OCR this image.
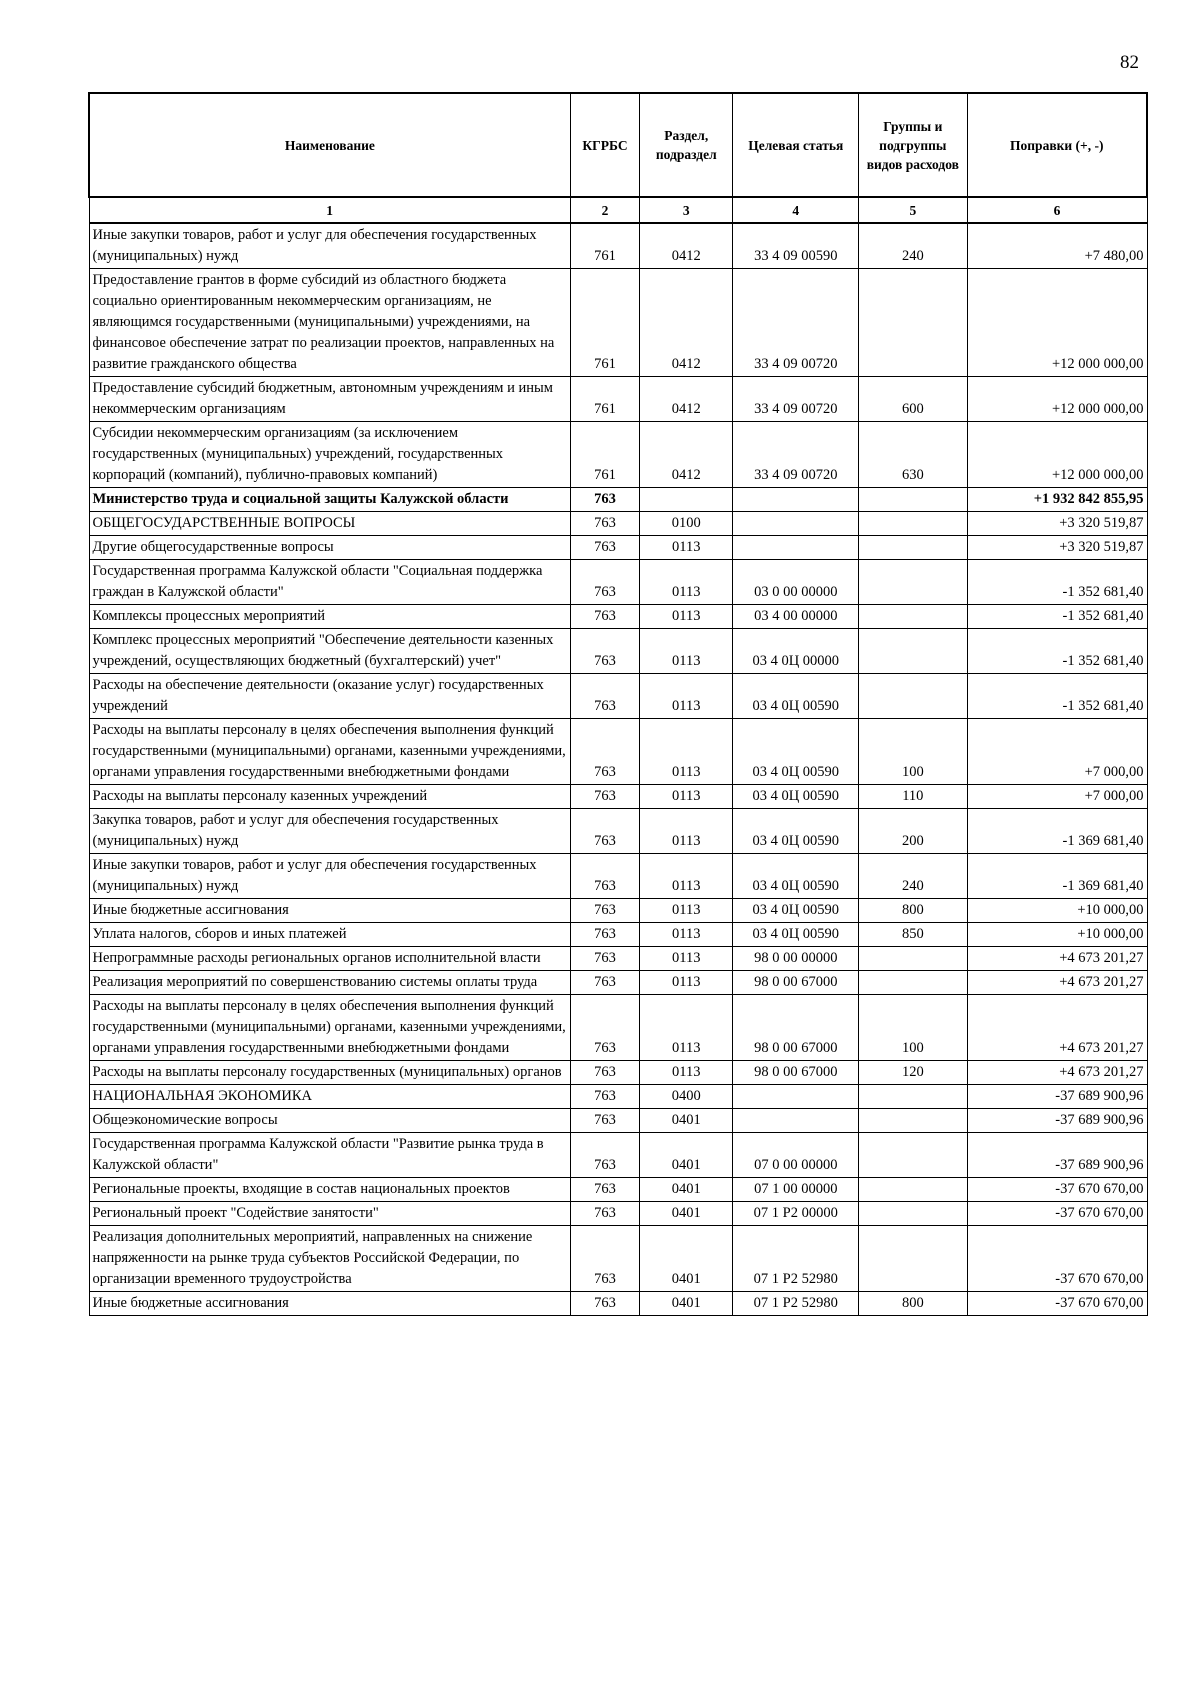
82
Наименование	КГРБС	Раздел, подраздел	Целевая статья	Группы и подгруппы видов расходов	Поправки (+, -)
1	2	3	4	5	6
Иные закупки товаров, работ и услуг для обеспечения государственных (муниципальных) нужд	761	0412	33 4 09 00590	240	+7 480,00
Предоставление грантов в форме субсидий из областного бюджета социально ориентированным некоммерческим организациям, не являющимся государственными (муниципальными) учреждениями, на финансовое обеспечение затрат по реализации проектов, направленных на развитие гражданского общества	761	0412	33 4 09 00720		+12 000 000,00
Предоставление субсидий бюджетным, автономным учреждениям и иным некоммерческим организациям	761	0412	33 4 09 00720	600	+12 000 000,00
Субсидии некоммерческим организациям (за исключением государственных (муниципальных) учреждений, государственных корпораций (компаний), публично-правовых компаний)	761	0412	33 4 09 00720	630	+12 000 000,00
Министерство труда и социальной защиты Калужской области	763				+1 932 842 855,95
ОБЩЕГОСУДАРСТВЕННЫЕ ВОПРОСЫ	763	0100			+3 320 519,87
Другие общегосударственные вопросы	763	0113			+3 320 519,87
Государственная программа Калужской области "Социальная поддержка граждан в Калужской области"	763	0113	03 0 00 00000		-1 352 681,40
Комплексы процессных мероприятий	763	0113	03 4 00 00000		-1 352 681,40
Комплекс процессных мероприятий "Обеспечение деятельности казенных учреждений, осуществляющих бюджетный (бухгалтерский) учет"	763	0113	03 4 0Ц 00000		-1 352 681,40
Расходы на обеспечение деятельности (оказание услуг) государственных учреждений	763	0113	03 4 0Ц 00590		-1 352 681,40
Расходы на выплаты персоналу в целях обеспечения выполнения функций государственными (муниципальными) органами, казенными учреждениями, органами управления государственными внебюджетными фондами	763	0113	03 4 0Ц 00590	100	+7 000,00
Расходы на выплаты персоналу казенных учреждений	763	0113	03 4 0Ц 00590	110	+7 000,00
Закупка товаров, работ и услуг для обеспечения государственных (муниципальных) нужд	763	0113	03 4 0Ц 00590	200	-1 369 681,40
Иные закупки товаров, работ и услуг для обеспечения государственных (муниципальных) нужд	763	0113	03 4 0Ц 00590	240	-1 369 681,40
Иные бюджетные ассигнования	763	0113	03 4 0Ц 00590	800	+10 000,00
Уплата налогов, сборов и иных платежей	763	0113	03 4 0Ц 00590	850	+10 000,00
Непрограммные расходы региональных органов исполнительной власти	763	0113	98 0 00 00000		+4 673 201,27
Реализация мероприятий по совершенствованию системы оплаты труда	763	0113	98 0 00 67000		+4 673 201,27
Расходы на выплаты персоналу в целях обеспечения выполнения функций государственными (муниципальными) органами, казенными учреждениями, органами управления государственными внебюджетными фондами	763	0113	98 0 00 67000	100	+4 673 201,27
Расходы на выплаты персоналу государственных (муниципальных) органов	763	0113	98 0 00 67000	120	+4 673 201,27
НАЦИОНАЛЬНАЯ ЭКОНОМИКА	763	0400			-37 689 900,96
Общеэкономические вопросы	763	0401			-37 689 900,96
Государственная программа Калужской области "Развитие рынка труда в Калужской области"	763	0401	07 0 00 00000		-37 689 900,96
Региональные проекты, входящие в состав национальных проектов	763	0401	07 1 00 00000		-37 670 670,00
Региональный проект "Содействие занятости"	763	0401	07 1 P2 00000		-37 670 670,00
Реализация дополнительных мероприятий, направленных на снижение напряженности на рынке труда субъектов Российской Федерации, по организации временного трудоустройства	763	0401	07 1 P2 52980		-37 670 670,00
Иные бюджетные ассигнования	763	0401	07 1 P2 52980	800	-37 670 670,00
